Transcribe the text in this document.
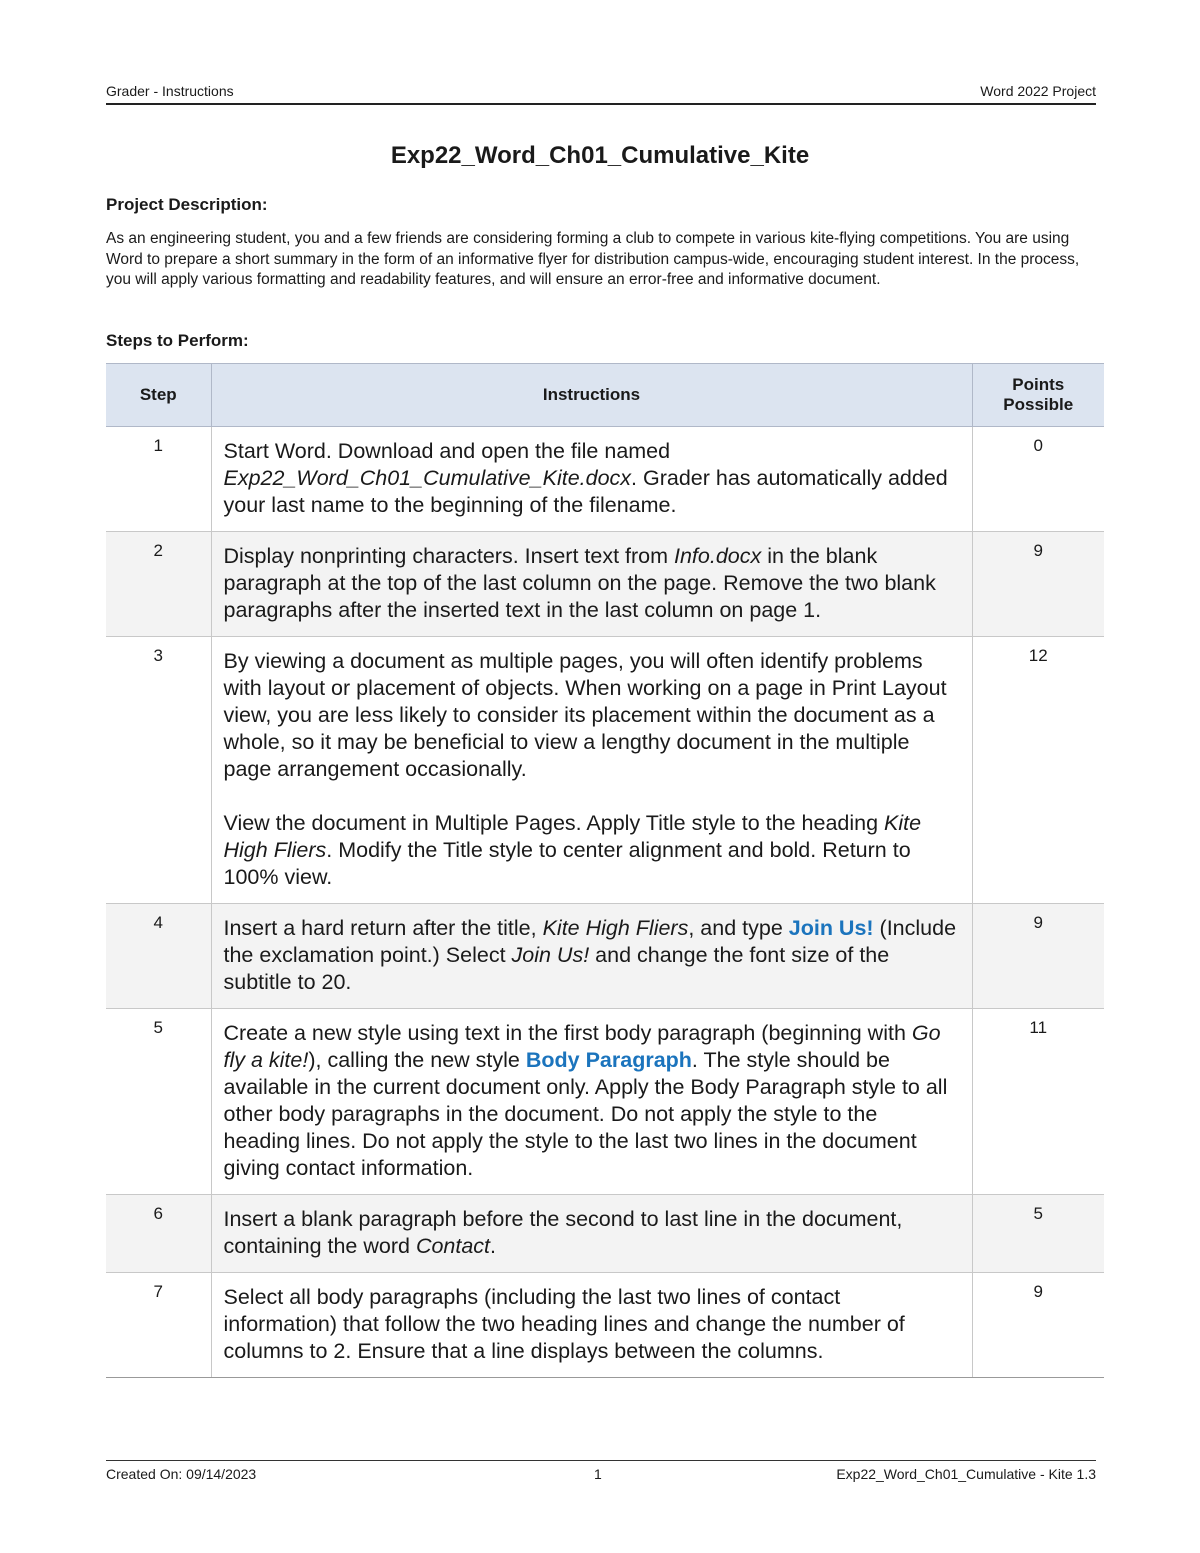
Grader - Instructions	Word 2022 Project
Exp22_Word_Ch01_Cumulative_Kite
Project Description:
As an engineering student, you and a few friends are considering forming a club to compete in various kite-flying competitions. You are using Word to prepare a short summary in the form of an informative flyer for distribution campus-wide, encouraging student interest. In the process, you will apply various formatting and readability features, and will ensure an error-free and informative document.
Steps to Perform:
Step	Instructions	Points
Possible
1	Start Word. Download and open the file named Exp22_Word_Ch01_Cumulative_Kite.docx. Grader has automatically added your last name to the beginning of the filename.	0
2	Display nonprinting characters. Insert text from Info.docx in the blank paragraph at the top of the last column on the page. Remove the two blank paragraphs after the inserted text in the last column on page 1.	9
3	By viewing a document as multiple pages, you will often identify problems with layout or placement of objects. When working on a page in Print Layout view, you are less likely to consider its placement within the document as a whole, so it may be beneficial to view a lengthy document in the multiple page arrangement occasionally.
View the document in Multiple Pages. Apply Title style to the heading Kite High Fliers. Modify the Title style to center alignment and bold. Return to 100% view.	12
4	Insert a hard return after the title, Kite High Fliers, and type Join Us! (Include the exclamation point.) Select Join Us! and change the font size of the subtitle to 20.	9
5	Create a new style using text in the first body paragraph (beginning with Go fly a kite!), calling the new style Body Paragraph. The style should be available in the current document only. Apply the Body Paragraph style to all other body paragraphs in the document. Do not apply the style to the heading lines. Do not apply the style to the last two lines in the document giving contact information.	11
6	Insert a blank paragraph before the second to last line in the document, containing the word Contact.	5
7	Select all body paragraphs (including the last two lines of contact information) that follow the two heading lines and change the number of columns to 2. Ensure that a line displays between the columns.	9
Created On: 09/14/2023	1	Exp22_Word_Ch01_Cumulative - Kite 1.3
